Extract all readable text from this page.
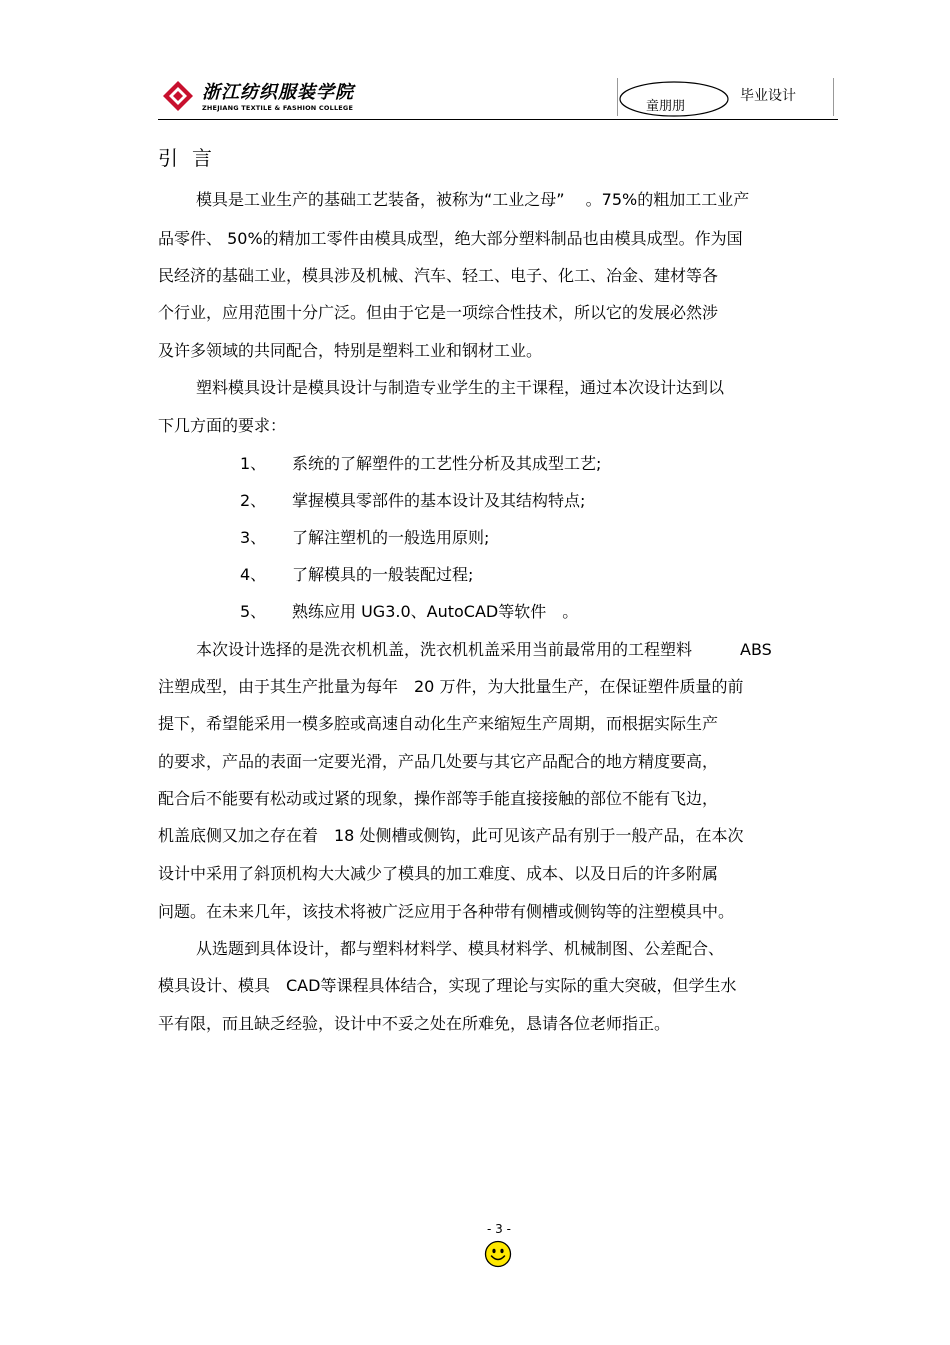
浙江纺织服装学院
ZHEJIANG TEXTILE & FASHION COLLEGE	童朋朋
毕业设计
引言
模具是工业生产的基础工艺装备，被称为“工业之母”　 。75%的粗加工工业产
品零件、 50%的精加工零件由模具成型，绝大部分塑料制品也由模具成型。作为国
民经济的基础工业，模具涉及机械、汽车、轻工、电子、化工、冶金、建材等各
个行业，应用范围十分广泛。但由于它是一项综合性技术，所以它的发展必然涉
及许多领域的共同配合，特别是塑料工业和钢材工业。
塑料模具设计是模具设计与制造专业学生的主干课程，通过本次设计达到以
下几方面的要求：
1、 系统的了解塑件的工艺性分析及其成型工艺;
2、 掌握模具零部件的基本设计及其结构特点;
3、 了解注塑机的一般选用原则;
4、 了解模具的一般装配过程;
5、 熟练应用 UG3.0、AutoCAD等软件　。
本次设计选择的是洗衣机机盖，洗衣机机盖采用当前最常用的工程塑料　　　ABS
注塑成型，由于其生产批量为每年　20 万件，为大批量生产，在保证塑件质量的前
提下，希望能采用一模多腔或高速自动化生产来缩短生产周期，而根据实际生产
的要求，产品的表面一定要光滑，产品几处要与其它产品配合的地方精度要高，
配合后不能要有松动或过紧的现象，操作部等手能直接接触的部位不能有飞边，
机盖底侧又加之存在着　18 处侧槽或侧钩，此可见该产品有别于一般产品，在本次
设计中采用了斜顶机构大大减少了模具的加工难度、成本、以及日后的许多附属
问题。在未来几年，该技术将被广泛应用于各种带有侧槽或侧钩等的注塑模具中。
从选题到具体设计，都与塑料材料学、模具材料学、机械制图、公差配合、
模具设计、模具　CAD等课程具体结合，实现了理论与实际的重大突破，但学生水
平有限，而且缺乏经验，设计中不妥之处在所难免，恳请各位老师指正。
- 3 -
